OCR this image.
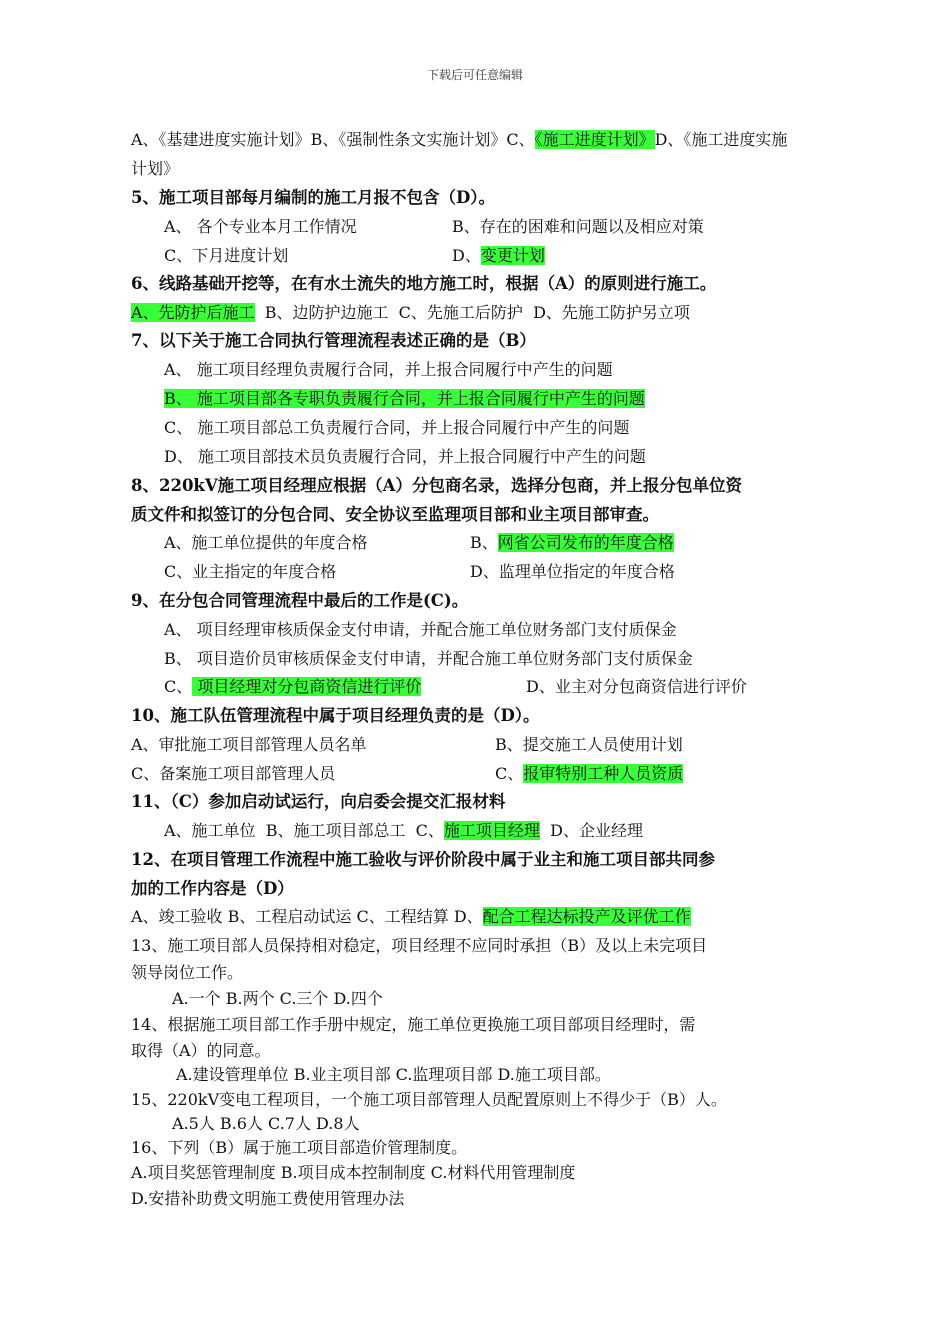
下载后可任意编辑
A、《基建进度实施计划》B、《强制性条文实施计划》C、《施工进度计划》D、《施工进度实施
计划》
5、施工项目部每月编制的施工月报不包含（D）。
A、 各个专业本月工作情况	B、存在的困难和问题以及相应对策
C、下月进度计划	D、变更计划
6、线路基础开挖等，在有水土流失的地方施工时，根据（A）的原则进行施工。
A、先防护后施工 B、边防护边施工 C、先施工后防护 D、先施工防护另立项
7、以下关于施工合同执行管理流程表述正确的是（B）
A、 施工项目经理负责履行合同，并上报合同履行中产生的问题
B、 施工项目部各专职负责履行合同，并上报合同履行中产生的问题
C、 施工项目部总工负责履行合同，并上报合同履行中产生的问题
D、 施工项目部技术员负责履行合同，并上报合同履行中产生的问题
8、220kV施工项目经理应根据（A）分包商名录，选择分包商，并上报分包单位资
质文件和拟签订的分包合同、安全协议至监理项目部和业主项目部审查。
A、施工单位提供的年度合格	B、网省公司发布的年度合格
C、业主指定的年度合格	D、监理单位指定的年度合格
9、在分包合同管理流程中最后的工作是(C)。
A、 项目经理审核质保金支付申请，并配合施工单位财务部门支付质保金
B、 项目造价员审核质保金支付申请，并配合施工单位财务部门支付质保金
C、 项目经理对分包商资信进行评价	D、业主对分包商资信进行评价
10、施工队伍管理流程中属于项目经理负责的是（D）。
A、审批施工项目部管理人员名单	B、提交施工人员使用计划
C、备案施工项目部管理人员	C、报审特别工种人员资质
11、（C）参加启动试运行，向启委会提交汇报材料
A、施工单位 B、施工项目部总工 C、施工项目经理 D、企业经理
12、在项目管理工作流程中施工验收与评价阶段中属于业主和施工项目部共同参
加的工作内容是（D）
A、竣工验收 B、工程启动试运 C、工程结算 D、配合工程达标投产及评优工作
13、施工项目部人员保持相对稳定，项目经理不应同时承担（B）及以上未完项目
领导岗位工作。
A.一个 B.两个 C.三个 D.四个
14、根据施工项目部工作手册中规定，施工单位更换施工项目部项目经理时，需
取得（A）的同意。
A.建设管理单位 B.业主项目部 C.监理项目部 D.施工项目部。
15、220kV变电工程项目，一个施工项目部管理人员配置原则上不得少于（B）人。
A.5人 B.6人 C.7人 D.8人
16、下列（B）属于施工项目部造价管理制度。
A.项目奖惩管理制度 B.项目成本控制制度 C.材料代用管理制度
D.安措补助费文明施工费使用管理办法
